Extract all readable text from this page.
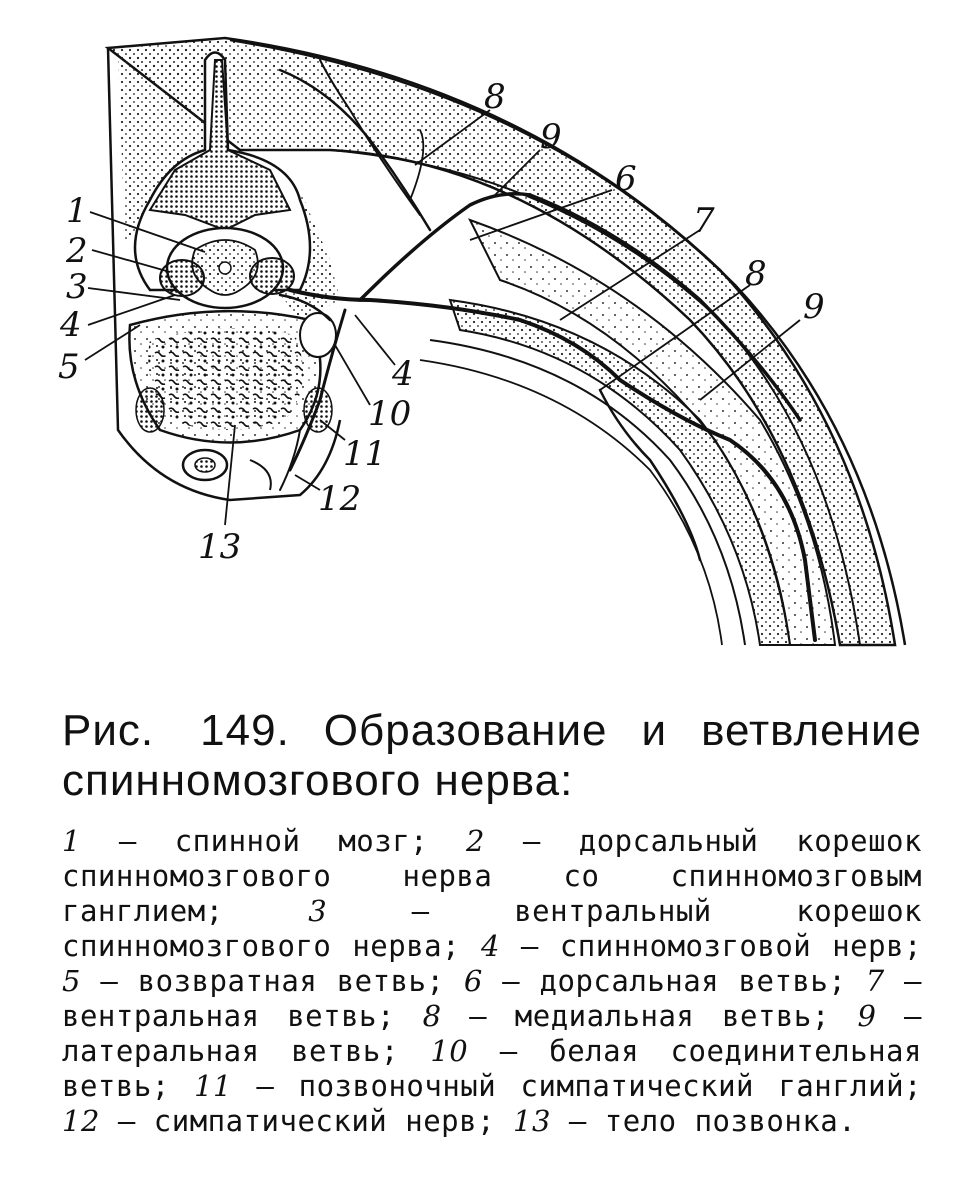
1
2
3
4
5
6
7
8
9
4
10
11
12
13
8
9

Рис. 149. Образование и ветвление спинномозгового нерва:

1 — спинной мозг; 2 — дорсальный корешок спинномозгового нерва со спинномозговым ганглием;	3 — вентральный корешок спинномозгового нерва; 4 — спинномозговой нерв; 5 — возвратная ветвь; 6 — дорсальная ветвь; 7 — вентральная ветвь; 8 — медиальная ветвь; 9 — латеральная ветвь; 10 — белая соединительная ветвь; 11 — позвоночный симпатический ганглий; 12 — симпатический нерв; 13 — тело позвонка.
